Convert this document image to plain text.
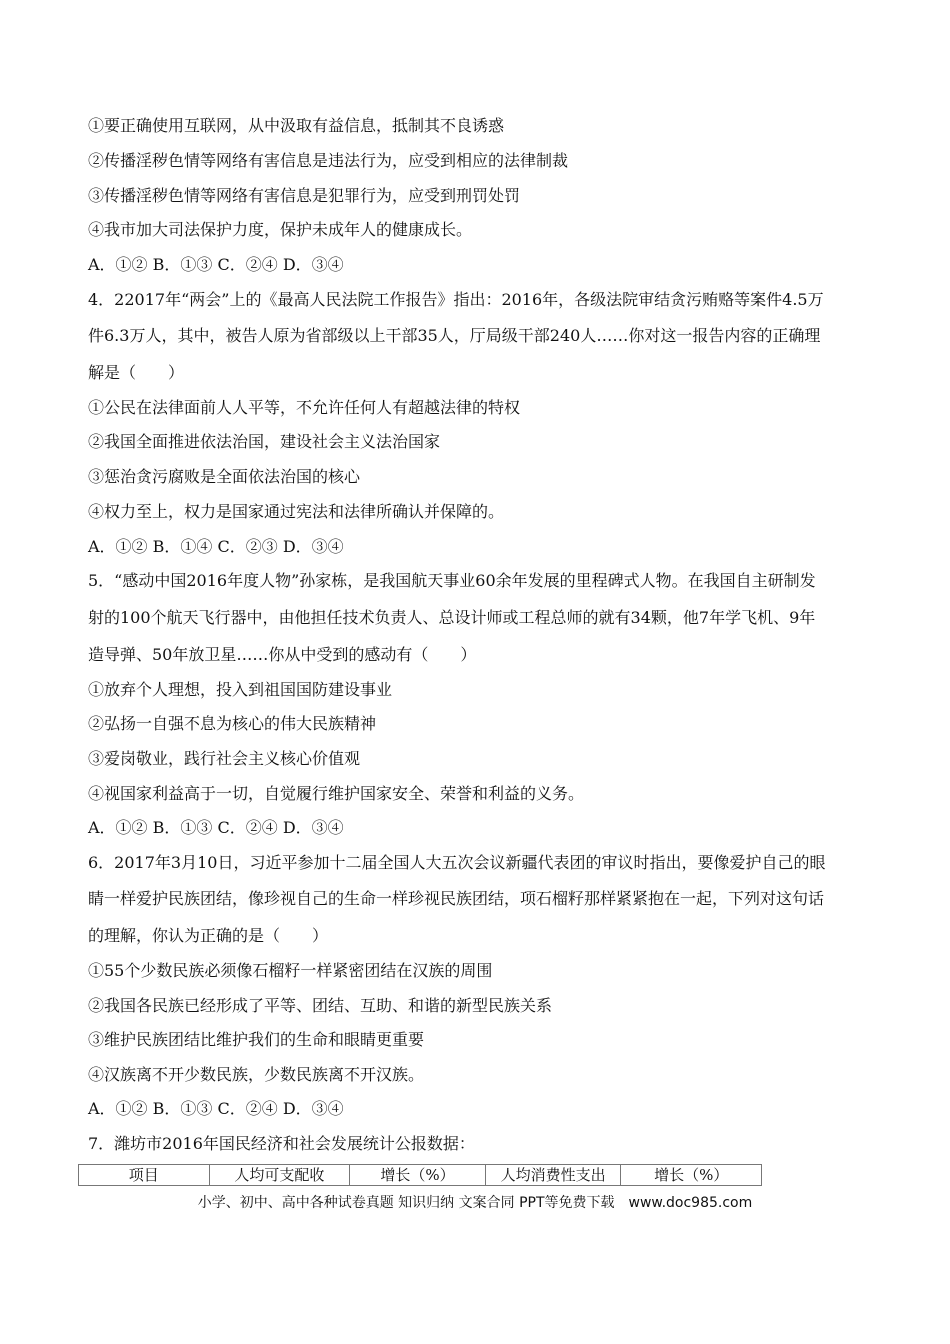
①要正确使用互联网，从中汲取有益信息，抵制其不良诱惑
②传播淫秽色情等网络有害信息是违法行为，应受到相应的法律制裁
③传播淫秽色情等网络有害信息是犯罪行为，应受到刑罚处罚
④我市加大司法保护力度，保护未成年人的健康成长。
A．①② B．①③ C．②④ D．③④
4．22017年“两会”上的《最高人民法院工作报告》指出：2016年，各级法院审结贪污贿赂等案件4.5万
件6.3万人，其中，被告人原为省部级以上干部35人，厅局级干部240人……你对这一报告内容的正确理
解是（　　）
①公民在法律面前人人平等，不允许任何人有超越法律的特权
②我国全面推进依法治国，建设社会主义法治国家
③惩治贪污腐败是全面依法治国的核心
④权力至上，权力是国家通过宪法和法律所确认并保障的。
A．①② B．①④ C．②③ D．③④
5．“感动中国2016年度人物”孙家栋，是我国航天事业60余年发展的里程碑式人物。在我国自主研制发
射的100个航天飞行器中，由他担任技术负责人、总设计师或工程总师的就有34颗，他7年学飞机、9年
造导弹、50年放卫星……你从中受到的感动有（　　）
①放弃个人理想，投入到祖国国防建设事业
②弘扬一自强不息为核心的伟大民族精神
③爱岗敬业，践行社会主义核心价值观
④视国家利益高于一切，自觉履行维护国家安全、荣誉和利益的义务。
A．①② B．①③ C．②④ D．③④
6．2017年3月10日，习近平参加十二届全国人大五次会议新疆代表团的审议时指出，要像爱护自己的眼
睛一样爱护民族团结，像珍视自己的生命一样珍视民族团结，项石榴籽那样紧紧抱在一起，下列对这句话
的理解，你认为正确的是（　　）
①55个少数民族必须像石榴籽一样紧密团结在汉族的周围
②我国各民族已经形成了平等、团结、互助、和谐的新型民族关系
③维护民族团结比维护我们的生命和眼睛更重要
④汉族离不开少数民族，少数民族离不开汉族。
A．①② B．①③ C．②④ D．③④
7．潍坊市2016年国民经济和社会发展统计公报数据：
项目	人均可支配收	增长（%）	人均消费性支出	增长（%）
小学、初中、高中各种试卷真题 知识归纳 文案合同 PPT等免费下载　www.doc985.com
